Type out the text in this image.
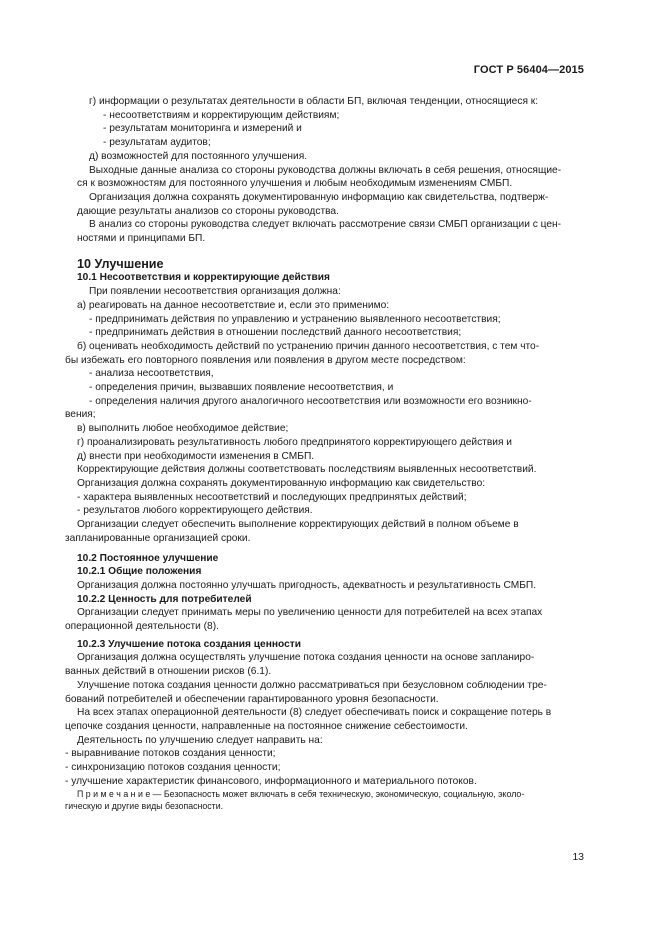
ГОСТ Р 56404—2015

г) информации о результатах деятельности в области БП, включая тенденции, относящиеся к:

- несоответствиям и корректирующим действиям;

- результатам мониторинга и измерений и

- результатам аудитов;

д) возможностей для постоянного улучшения.

Выходные данные анализа со стороны руководства должны включать в себя решения, относящие-

ся к возможностям для постоянного улучшения и любым необходимым изменениям СМБП.

Организация должна сохранять документированную информацию как свидетельства, подтверж-

дающие результаты анализов со стороны руководства.

В анализ со стороны руководства следует включать рассмотрение связи СМБП организации с цен-

ностями и принципами БП.

10 Улучшение

10.1 Несоответствия и корректирующие действия

При появлении несоответствия организация должна:

а) реагировать на данное несоответствие и, если это применимо:

- предпринимать действия по управлению и устранению выявленного несоответствия;

- предпринимать действия в отношении последствий данного несоответствия;

б) оценивать необходимость действий по устранению причин данного несоответствия, с тем что-

бы избежать его повторного появления или появления в другом месте посредством:

- анализа несоответствия,

- определения причин, вызвавших появление несоответствия, и

- определения наличия другого аналогичного несоответствия или возможности его возникно-

вения;

в) выполнить любое необходимое действие;

г) проанализировать результативность любого предпринятого корректирующего действия и

д) внести при необходимости изменения в СМБП.

Корректирующие действия должны соответствовать последствиям выявленных несоответствий.

Организация должна сохранять документированную информацию как свидетельство:

- характера выявленных несоответствий и последующих предпринятых действий;

- результатов любого корректирующего действия.

Организации следует обеспечить выполнение корректирующих действий в полном объеме в

запланированные организацией сроки.

10.2 Постоянное улучшение

10.2.1 Общие положения

Организация должна постоянно улучшать пригодность, адекватность и результативность СМБП.

10.2.2 Ценность для потребителей

Организации следует принимать меры по увеличению ценности для потребителей на всех этапах

операционной деятельности (8).

10.2.3 Улучшение потока создания ценности

Организация должна осуществлять улучшение потока создания ценности на основе запланиро-

ванных действий в отношении рисков (6.1).

Улучшение потока создания ценности должно рассматриваться при безусловном соблюдении тре-

бований потребителей и обеспечении гарантированного уровня безопасности.

На всех этапах операционной деятельности (8) следует обеспечивать поиск и сокращение потерь в

цепочке создания ценности, направленные на постоянное снижение себестоимости.

Деятельность по улучшению следует направить на:

- выравнивание потоков создания ценности;

- синхронизацию потоков создания ценности;

- улучшение характеристик финансового, информационного и материального потоков.

П р и м е ч а н и е — Безопасность может включать в себя техническую, экономическую, социальную, эколо-

гическую и другие виды безопасности.

13
